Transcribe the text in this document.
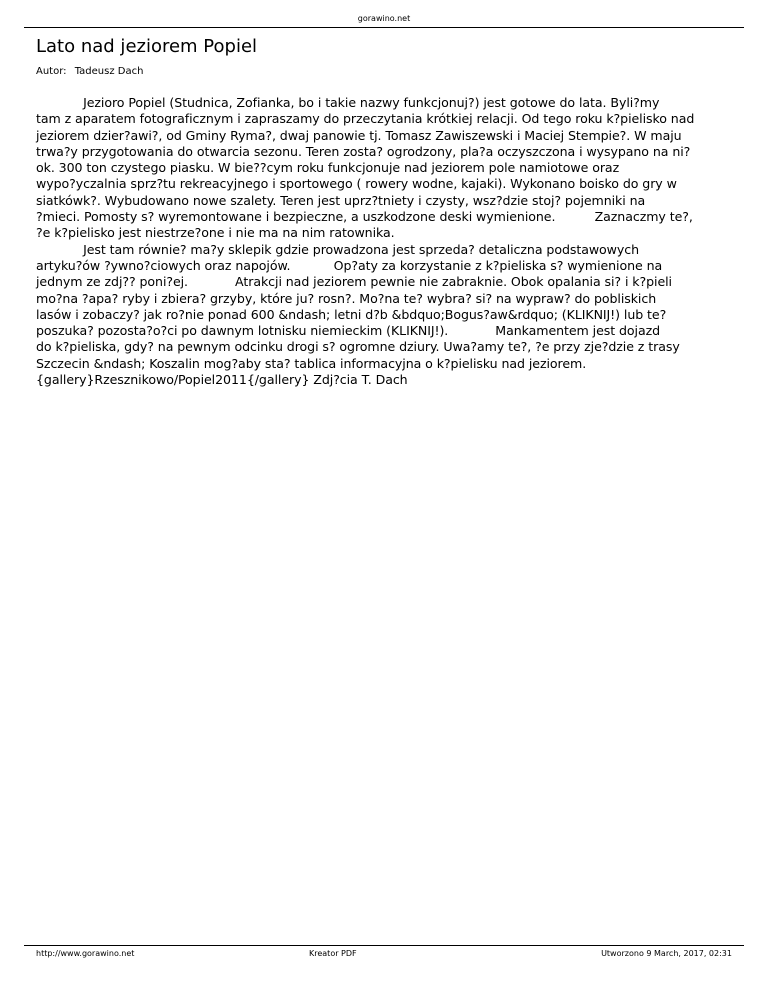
gorawino.net
Lato nad jeziorem Popiel
Autor: Tadeusz Dach
Jezioro Popiel (Studnica, Zofianka, bo i takie nazwy funkcjonuj?) jest gotowe do lata. Byli?my
tam z aparatem fotograficznym i zapraszamy do przeczytania krótkiej relacji. Od tego roku k?pielisko nad
jeziorem dzier?awi?, od Gminy Ryma?, dwaj panowie tj. Tomasz Zawiszewski i Maciej Stempie?. W maju
trwa?y przygotowania do otwarcia sezonu. Teren zosta? ogrodzony, pla?a oczyszczona i wysypano na ni?
ok. 300 ton czystego piasku. W bie??cym roku funkcjonuje nad jeziorem pole namiotowe oraz
wypo?yczalnia sprz?tu rekreacyjnego i sportowego ( rowery wodne, kajaki). Wykonano boisko do gry w
siatkówk?. Wybudowano nowe szalety. Teren jest uprz?tniety i czysty, wsz?dzie stoj? pojemniki na
?mieci. Pomosty s? wyremontowane i bezpieczne, a uszkodzone deski wymienione.          Zaznaczmy te?,
?e k?pielisko jest niestrze?one i nie ma na nim ratownika.
Jest tam równie? ma?y sklepik gdzie prowadzona jest sprzeda? detaliczna podstawowych
artyku?ów ?ywno?ciowych oraz napojów.           Op?aty za korzystanie z k?pieliska s? wymienione na
jednym ze zdj?? poni?ej.            Atrakcji nad jeziorem pewnie nie zabraknie. Obok opalania si? i k?pieli
mo?na ?apa? ryby i zbiera? grzyby, które ju? rosn?. Mo?na te? wybra? si? na wypraw? do pobliskich
lasów i zobaczy? jak ro?nie ponad 600 &ndash; letni d?b &bdquo;Bogus?aw&rdquo; (KLIKNIJ!) lub te?
poszuka? pozosta?o?ci po dawnym lotnisku niemieckim (KLIKNIJ!).            Mankamentem jest dojazd
do k?pieliska, gdy? na pewnym odcinku drogi s? ogromne dziury. Uwa?amy te?, ?e przy zje?dzie z trasy
Szczecin &ndash; Koszalin mog?aby sta? tablica informacyjna o k?pielisku nad jeziorem.
{gallery}Rzesznikowo/Popiel2011{/gallery} Zdj?cia T. Dach
http://www.gorawino.net	Kreator PDF	Utworzono 9 March, 2017, 02:31
